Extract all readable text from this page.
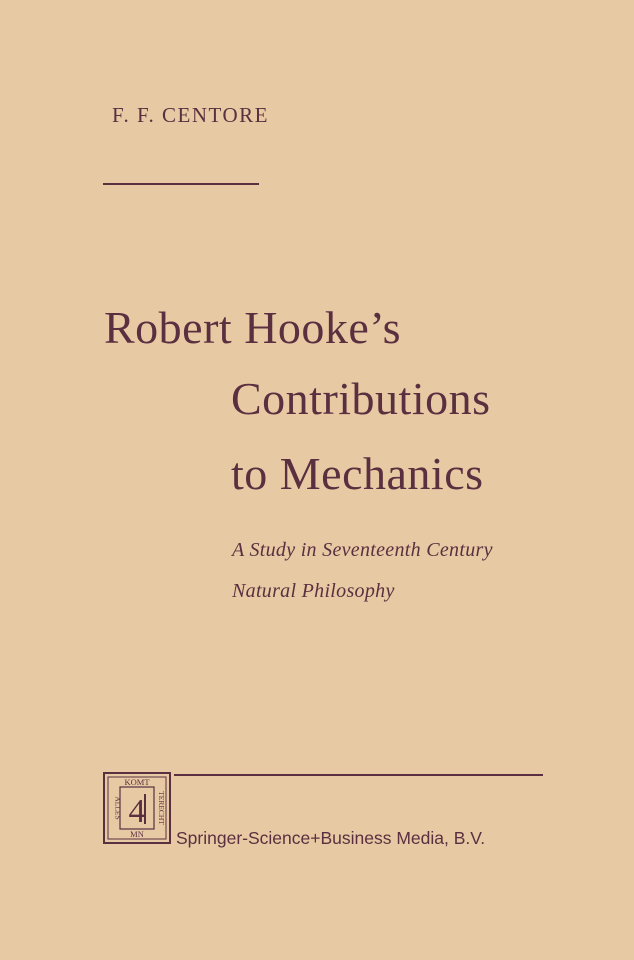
F. F. CENTORE
Robert Hooke’s
Contributions
to Mechanics
A Study in Seventeenth Century
Natural Philosophy
KOMT
MN
ALLES	TERECHT
4
Springer-Science+Business Media, B.V.
